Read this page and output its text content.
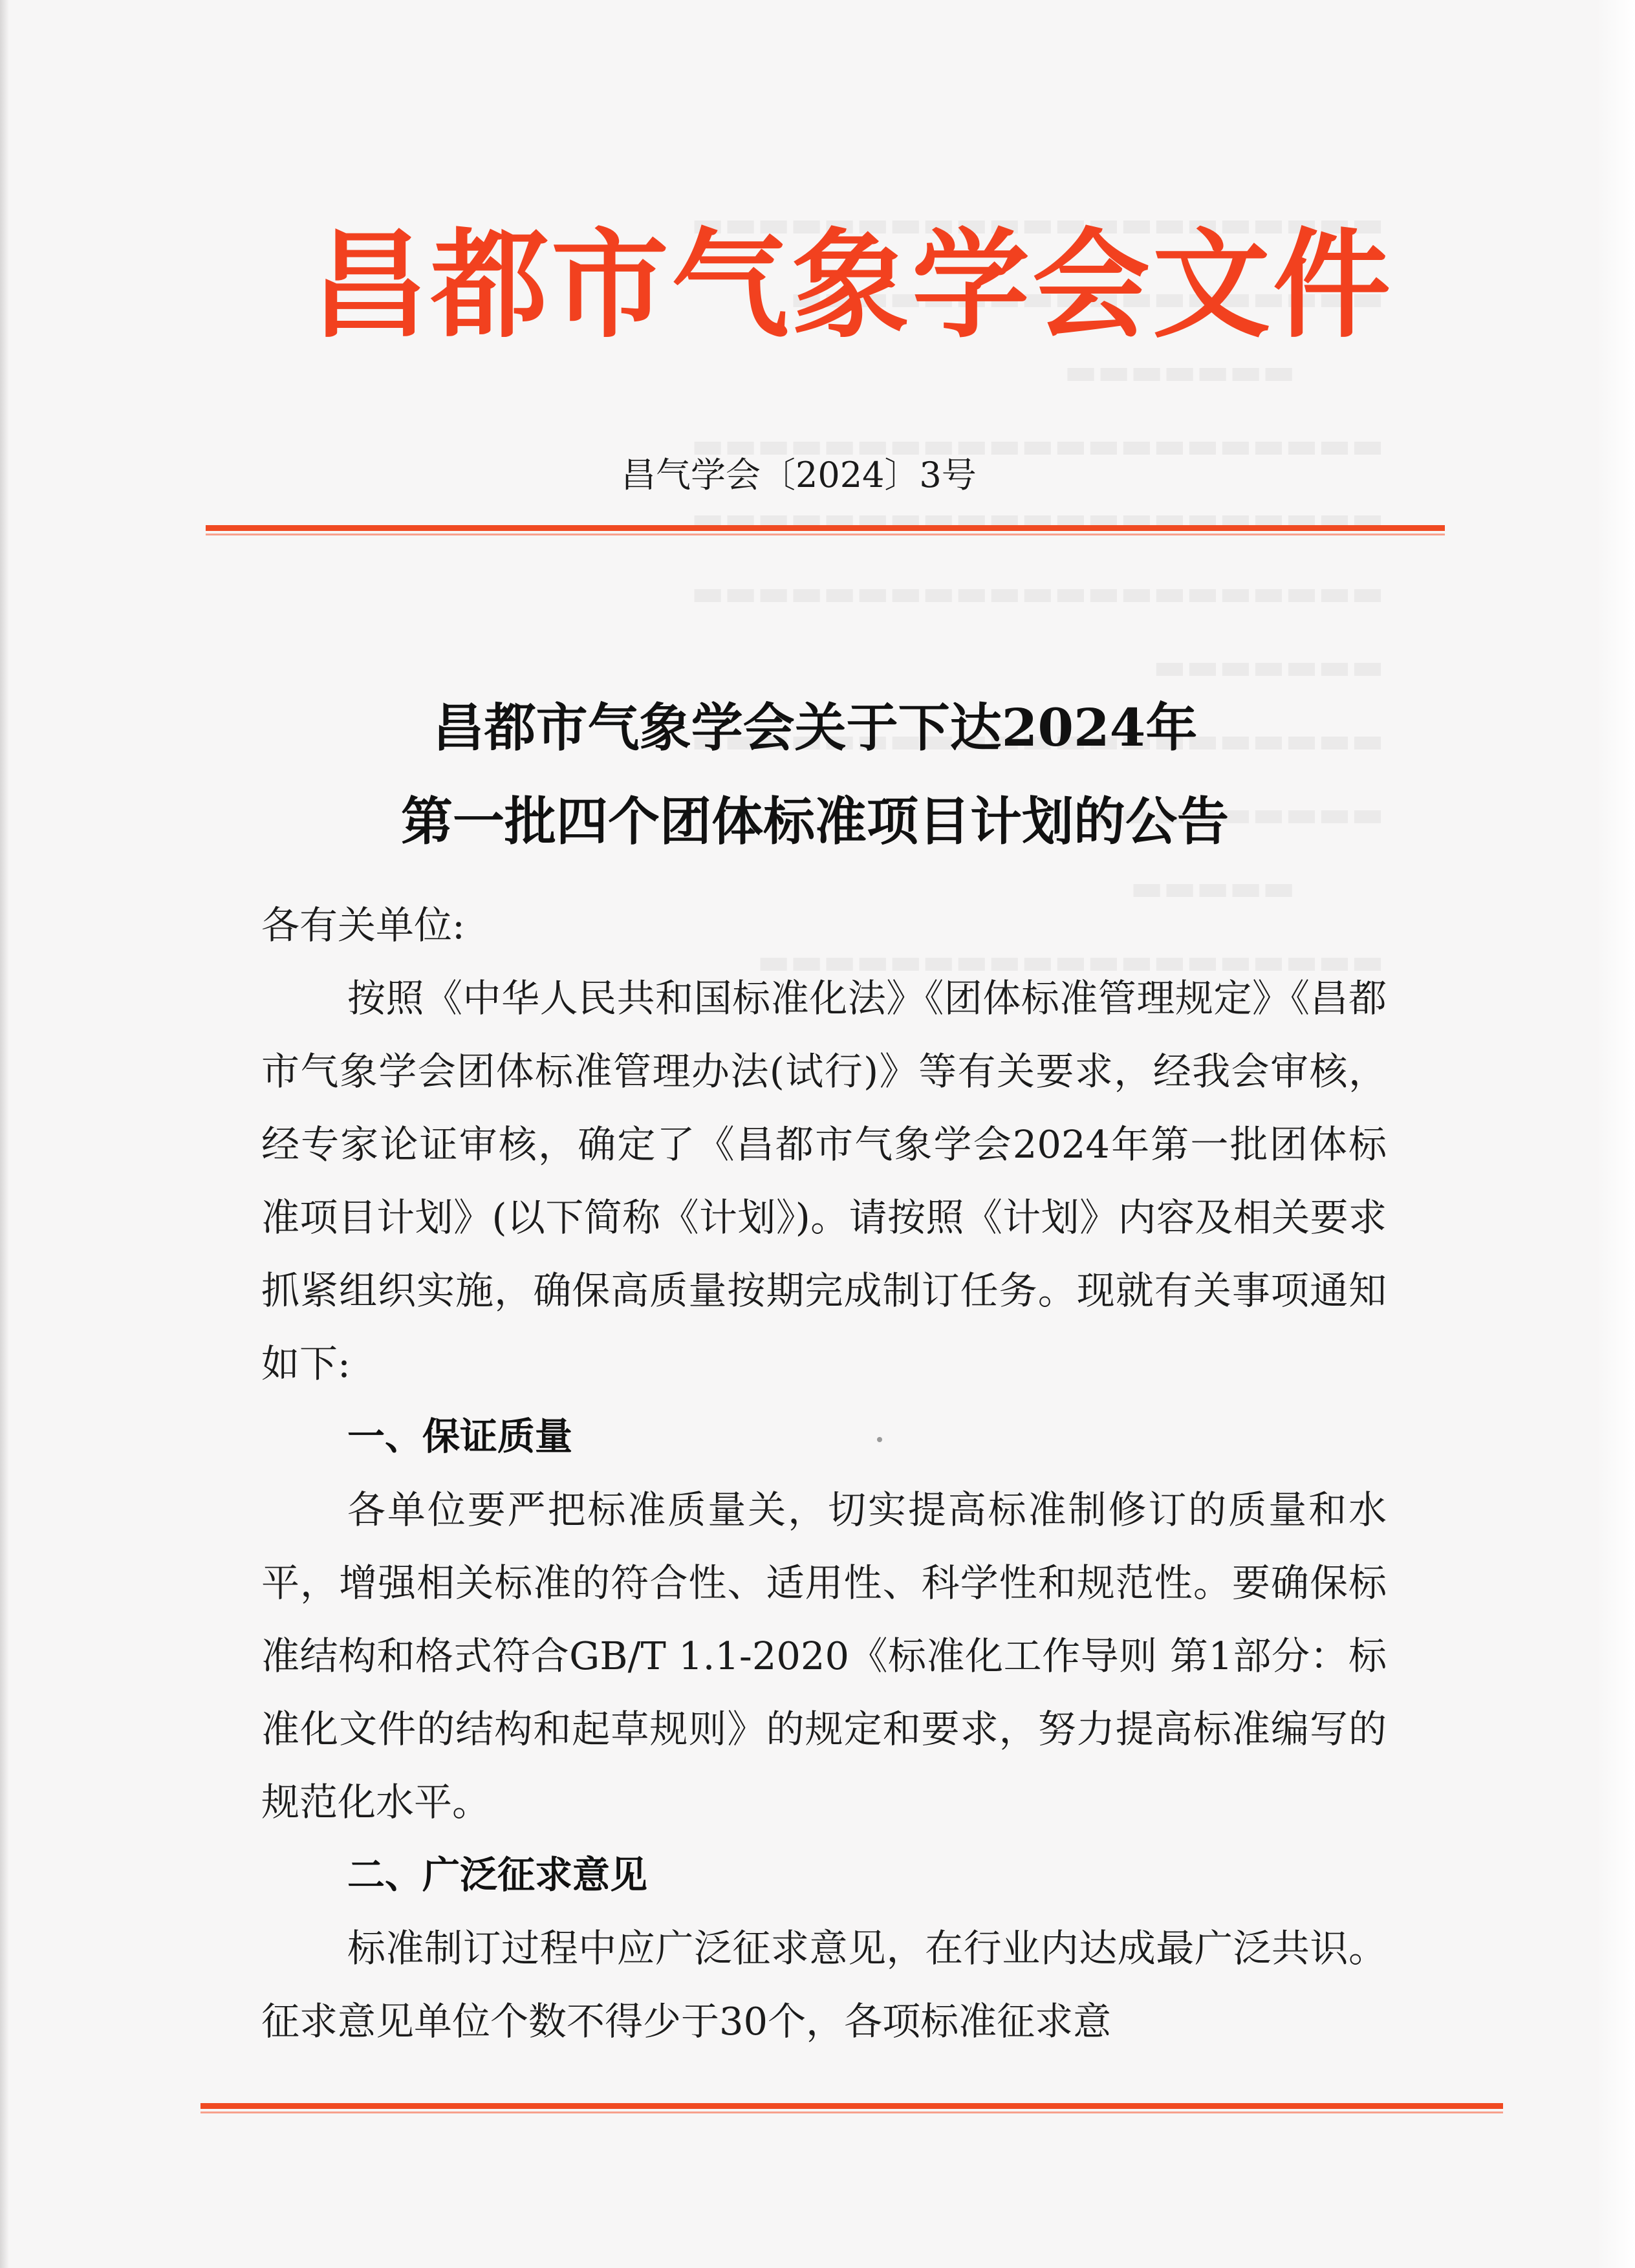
昌都市气象学会文件
昌气学会〔2024〕3号
昌都市气象学会关于下达2024年
第一批四个团体标准项目计划的公告

各有关单位:

按照《中华人民共和国标准化法》《团体标准管理规定》《昌都市气象学会团体标准管理办法(试行)》等有关要求，经我会审核，经专家论证审核，确定了《昌都市气象学会2024年第一批团体标准项目计划》(以下简称《计划》)。请按照《计划》内容及相关要求抓紧组织实施，确保高质量按期完成制订任务。现就有关事项通知如下:

一、保证质量

各单位要严把标准质量关，切实提高标准制修订的质量和水平，增强相关标准的符合性、适用性、科学性和规范性。要确保标准结构和格式符合GB/T 1.1-2020《标准化工作导则 第1部分：标准化文件的结构和起草规则》的规定和要求，努力提高标准编写的规范化水平。

二、广泛征求意见

标准制订过程中应广泛征求意见，在行业内达成最广泛共识。征求意见单位个数不得少于30个，各项标准征求意
